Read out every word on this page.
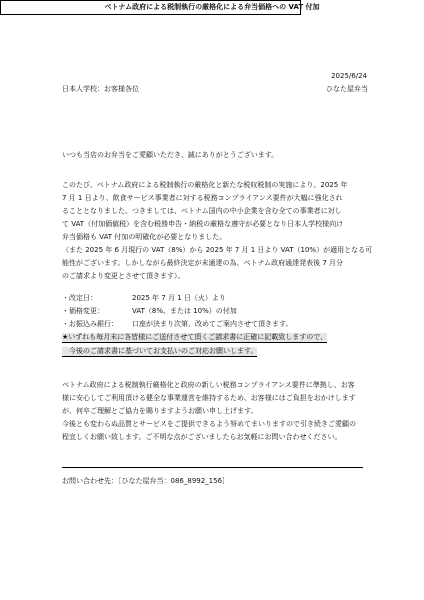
2025/6/24
日本人学校：お客様各位	ひなた屋弁当
ベトナム政府による税制執行の厳格化による弁当価格への VAT 付加
いつも当店のお弁当をご愛顧いただき、誠にありがとうございます。
このたび、ベトナム政府による税制執行の厳格化と新たな税収税制の実施により、2025 年
7 月 1 日より、飲食サービス事業者に対する税務コンプライアンス要件が大幅に強化され
ることとなりました。つきましては、ベトナム国内の中小企業を含む全ての事業者に対し
て VAT（付加価値税）を含む税務申告・納税の厳格な遵守が必要となり日本人学校様向け
弁当価格も VAT 付加の明確化が必要となりました。
（また 2025 年 6 月現行の VAT（8%）から 2025 年 7 月 1 日より VAT（10%）が適用となる可
能性がございます。しかしながら最終決定が未通達の為、ベトナム政府通達発表後 7 月分
のご請求より変更とさせて頂きます）。
・改定日：	2025 年 7 月 1 日（火）より
・価格変更：	VAT（8%、または 10%）の付加
・お振込み銀行： 口座が決まり次第、改めてご案内させて頂きます。
★いずれも毎月末に各皆様にご送付させて頂くご請求書に正確に記載致しますので、
　今後のご請求書に基づいてお支払いのご対応お願いします。
ベトナム政府による税制執行厳格化と政府の新しい税務コンプライアンス要件に準拠し、お客
様に安心してご利用頂ける健全な事業運営を維持するため、お客様にはご負担をおかけします
が、何卒ご理解とご協力を賜りますようお願い申し上げます。
今後とも変わらぬ品質とサービスをご提供できるよう努めてまいりますので引き続きご愛顧の
程宜しくお願い致します。ご不明な点がございましたらお気軽にお問い合わせください。
お問い合わせ先：［ひなた屋弁当：086_8992_156］
